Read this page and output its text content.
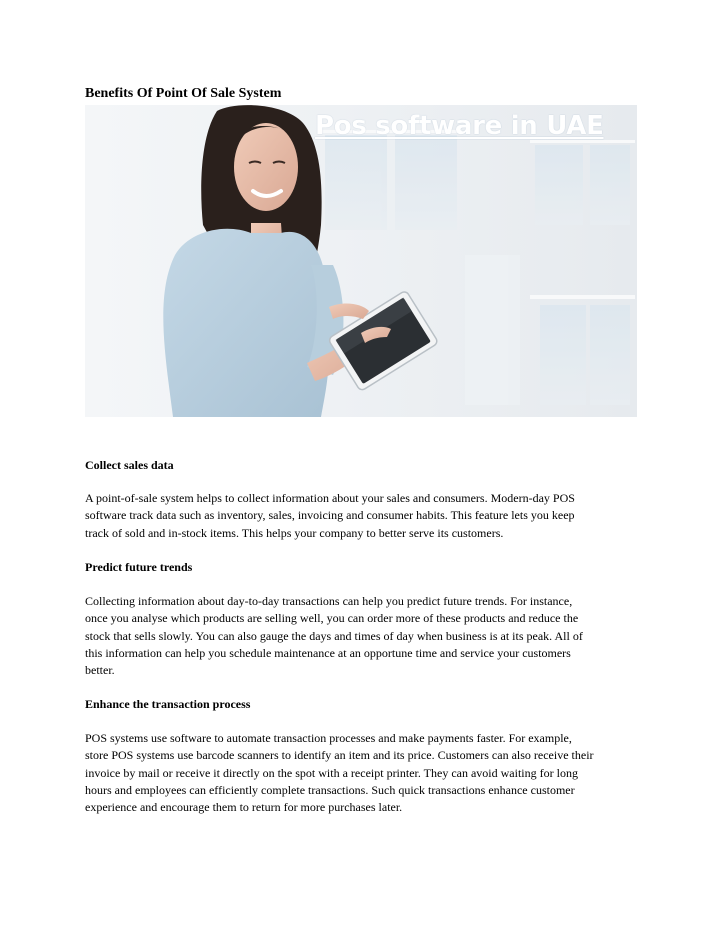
Benefits Of Point Of Sale System
Pos software in UAE
Collect sales data

A point-of-sale system helps to collect information about your sales and consumers. Modern-day POS
software track data such as inventory, sales, invoicing and consumer habits. This feature lets you keep
track of sold and in-stock items. This helps your company to better serve its customers.

Predict future trends

Collecting information about day-to-day transactions can help you predict future trends. For instance,
once you analyse which products are selling well, you can order more of these products and reduce the
stock that sells slowly. You can also gauge the days and times of day when business is at its peak. All of
this information can help you schedule maintenance at an opportune time and service your customers
better.

Enhance the transaction process

POS systems use software to automate transaction processes and make payments faster. For example,
store POS systems use barcode scanners to identify an item and its price. Customers can also receive their
invoice by mail or receive it directly on the spot with a receipt printer. They can avoid waiting for long
hours and employees can efficiently complete transactions. Such quick transactions enhance customer
experience and encourage them to return for more purchases later.
